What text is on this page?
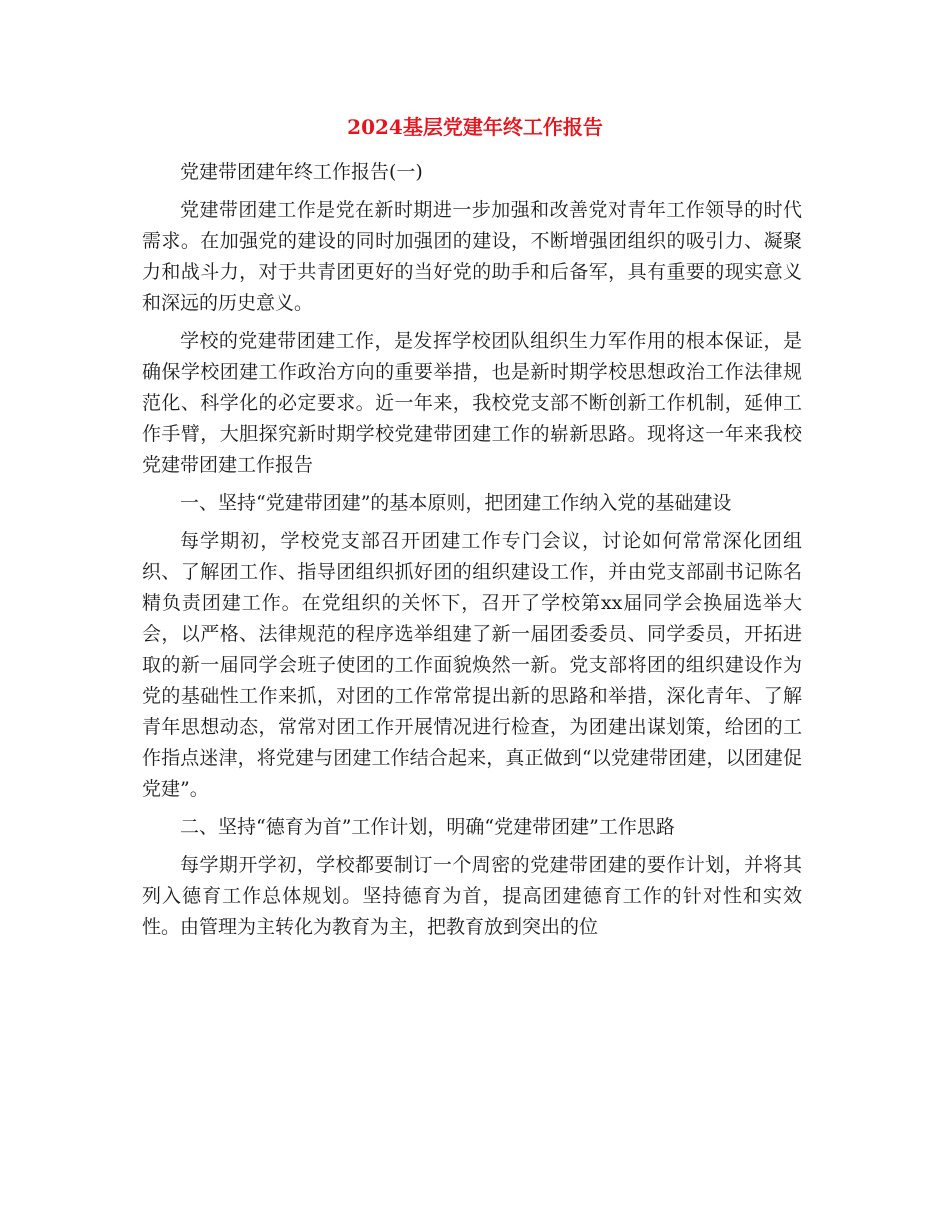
2024基层党建年终工作报告

党建带团建年终工作报告(一)

党建带团建工作是党在新时期进一步加强和改善党对青年工作领导的时代需求。在加强党的建设的同时加强团的建设，不断增强团组织的吸引力、凝聚力和战斗力，对于共青团更好的当好党的助手和后备军，具有重要的现实意义和深远的历史意义。

学校的党建带团建工作，是发挥学校团队组织生力军作用的根本保证，是确保学校团建工作政治方向的重要举措，也是新时期学校思想政治工作法律规范化、科学化的必定要求。近一年来，我校党支部不断创新工作机制，延伸工作手臂，大胆探究新时期学校党建带团建工作的崭新思路。现将这一年来我校党建带团建工作报告

一、坚持“党建带团建”的基本原则，把团建工作纳入党的基础建设

每学期初，学校党支部召开团建工作专门会议，讨论如何常常深化团组织、了解团工作、指导团组织抓好团的组织建设工作，并由党支部副书记陈名精负责团建工作。在党组织的关怀下，召开了学校第xx届同学会换届选举大会，以严格、法律规范的程序选举组建了新一届团委委员、同学委员，开拓进取的新一届同学会班子使团的工作面貌焕然一新。党支部将团的组织建设作为党的基础性工作来抓，对团的工作常常提出新的思路和举措，深化青年、了解青年思想动态，常常对团工作开展情况进行检查，为团建出谋划策，给团的工作指点迷津，将党建与团建工作结合起来，真正做到“以党建带团建，以团建促党建”。

二、坚持“德育为首”工作计划，明确“党建带团建”工作思路

每学期开学初，学校都要制订一个周密的党建带团建的要作计划，并将其列入德育工作总体规划。坚持德育为首，提高团建德育工作的针对性和实效性。由管理为主转化为教育为主，把教育放到突出的位
